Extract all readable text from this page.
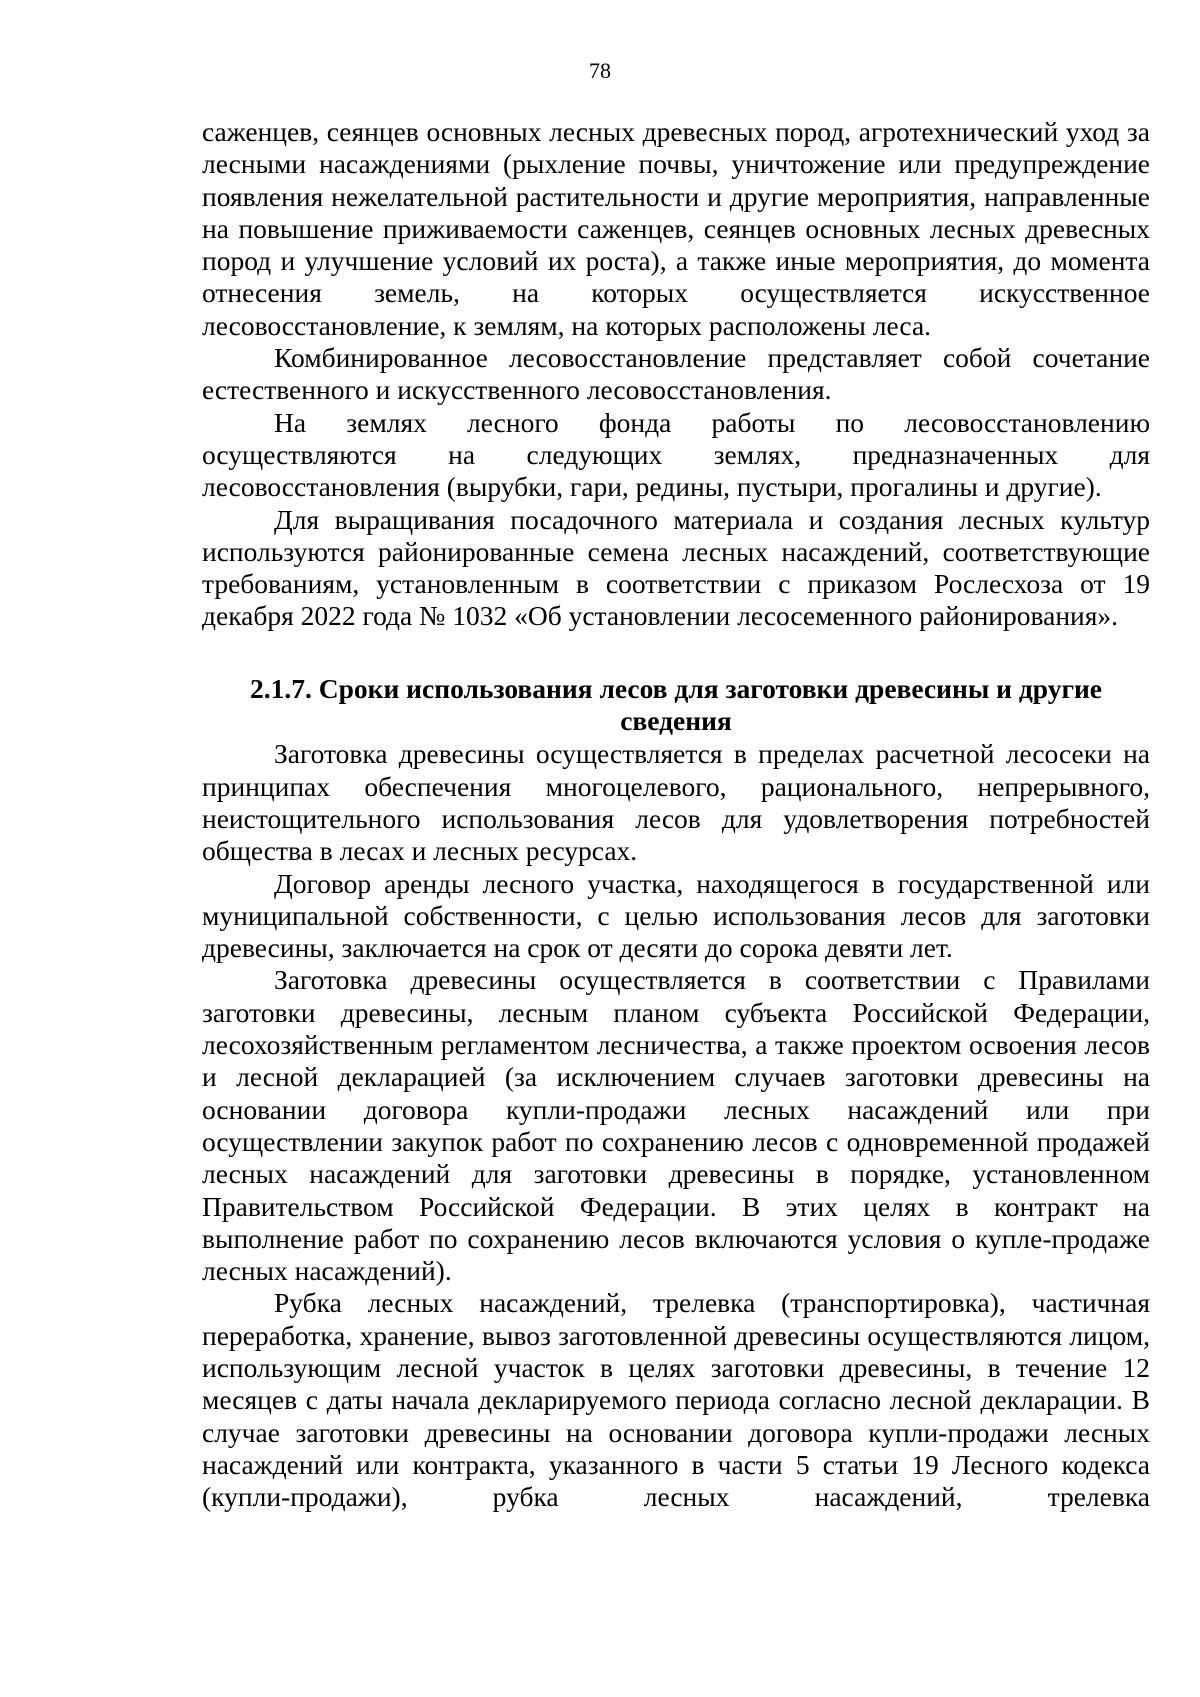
78

саженцев, сеянцев основных лесных древесных пород, агротехнический уход за лесными насаждениями (рыхление почвы, уничтожение или предупреждение появления нежелательной растительности и другие мероприятия, направленные на повышение приживаемости саженцев, сеянцев основных лесных древесных пород и улучшение условий их роста), а также иные мероприятия, до момента отнесения земель, на которых осуществляется искусственное лесовосстановление, к землям, на которых расположены леса.

Комбинированное лесовосстановление представляет собой сочетание естественного и искусственного лесовосстановления.

На землях лесного фонда работы по лесовосстановлению осуществляются на следующих землях, предназначенных для лесовосстановления (вырубки, гари, редины, пустыри, прогалины и другие).

Для выращивания посадочного материала и создания лесных культур используются районированные семена лесных насаждений, соответствующие требованиям, установленным в соответствии с приказом Рослесхоза от 19 декабря 2022 года № 1032 «Об установлении лесосеменного районирования».

2.1.7. Сроки использования лесов для заготовки древесины и другие сведения

Заготовка древесины осуществляется в пределах расчетной лесосеки на принципах обеспечения многоцелевого, рационального, непрерывного, неистощительного использования лесов для удовлетворения потребностей общества в лесах и лесных ресурсах.

Договор аренды лесного участка, находящегося в государственной или муниципальной собственности, с целью использования лесов для заготовки древесины, заключается на срок от десяти до сорока девяти лет.

Заготовка древесины осуществляется в соответствии с Правилами заготовки древесины, лесным планом субъекта Российской Федерации, лесохозяйственным регламентом лесничества, а также проектом освоения лесов и лесной декларацией (за исключением случаев заготовки древесины на основании договора купли-продажи лесных насаждений или при осуществлении закупок работ по сохранению лесов с одновременной продажей лесных насаждений для заготовки древесины в порядке, установленном Правительством Российской Федерации. В этих целях в контракт на выполнение работ по сохранению лесов включаются условия о купле-продаже лесных насаждений).

Рубка лесных насаждений, трелевка (транспортировка), частичная переработка, хранение, вывоз заготовленной древесины осуществляются лицом, использующим лесной участок в целях заготовки древесины, в течение 12 месяцев с даты начала декларируемого периода согласно лесной декларации. В случае заготовки древесины на основании договора купли-продажи лесных насаждений или контракта, указанного в части 5 статьи 19 Лесного кодекса (купли-продажи), рубка лесных насаждений, трелевка
